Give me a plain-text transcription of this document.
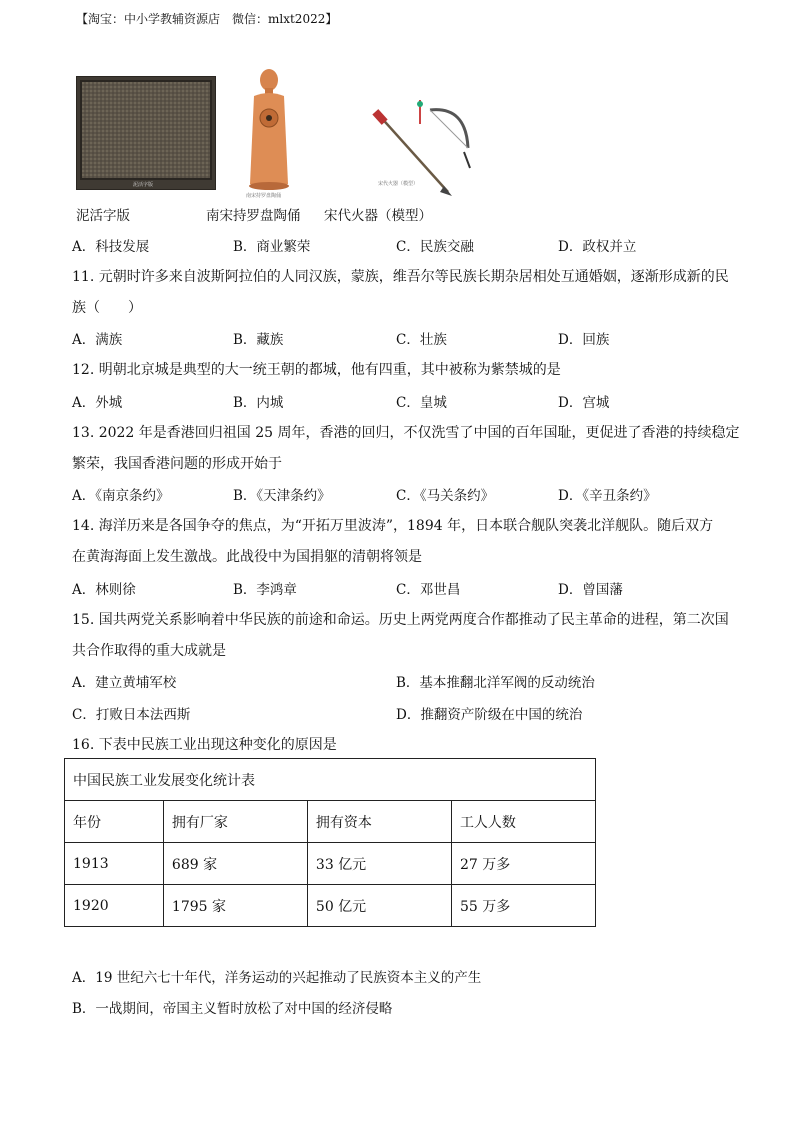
【淘宝：中小学教辅资源店　微信：mlxt2022】
泥活字版
南宋持罗盘陶俑
宋代火器（模型）
泥活字版	南宋持罗盘陶俑 宋代火器（模型）
A．科技发展	B．商业繁荣	C．民族交融	D．政权并立
11. 元朝时许多来自波斯阿拉伯的人同汉族，蒙族，维吾尔等民族长期杂居相处互通婚姻，逐渐形成新的民
族（　　）
A．满族	B．藏族	C．壮族	D．回族
12. 明朝北京城是典型的大一统王朝的都城，他有四重，其中被称为紫禁城的是
A．外城	B．内城	C．皇城	D．宫城
13. 2022 年是香港回归祖国 25 周年，香港的回归，不仅洗雪了中国的百年国耻，更促进了香港的持续稳定
繁荣，我国香港问题的形成开始于
A．《南京条约》	B．《天津条约》	C．《马关条约》	D．《辛丑条约》
14. 海洋历来是各国争夺的焦点，为“开拓万里波涛”，1894 年，日本联合舰队突袭北洋舰队。随后双方
在黄海海面上发生激战。此战役中为国捐躯的清朝将领是
A．林则徐	B．李鸿章	C．邓世昌	D．曾国藩
15. 国共两党关系影响着中华民族的前途和命运。历史上两党两度合作都推动了民主革命的进程，第二次国
共合作取得的重大成就是
A．建立黄埔军校	B．基本推翻北洋军阀的反动统治
C．打败日本法西斯	D．推翻资产阶级在中国的统治
16. 下表中民族工业出现这种变化的原因是
中国民族工业发展变化统计表			
年份	拥有厂家	拥有资本	工人人数
1913	689 家	33 亿元	27 万多
1920	1795 家	50 亿元	55 万多
A．19 世纪六七十年代，洋务运动的兴起推动了民族资本主义的产生
B．一战期间，帝国主义暂时放松了对中国的经济侵略
